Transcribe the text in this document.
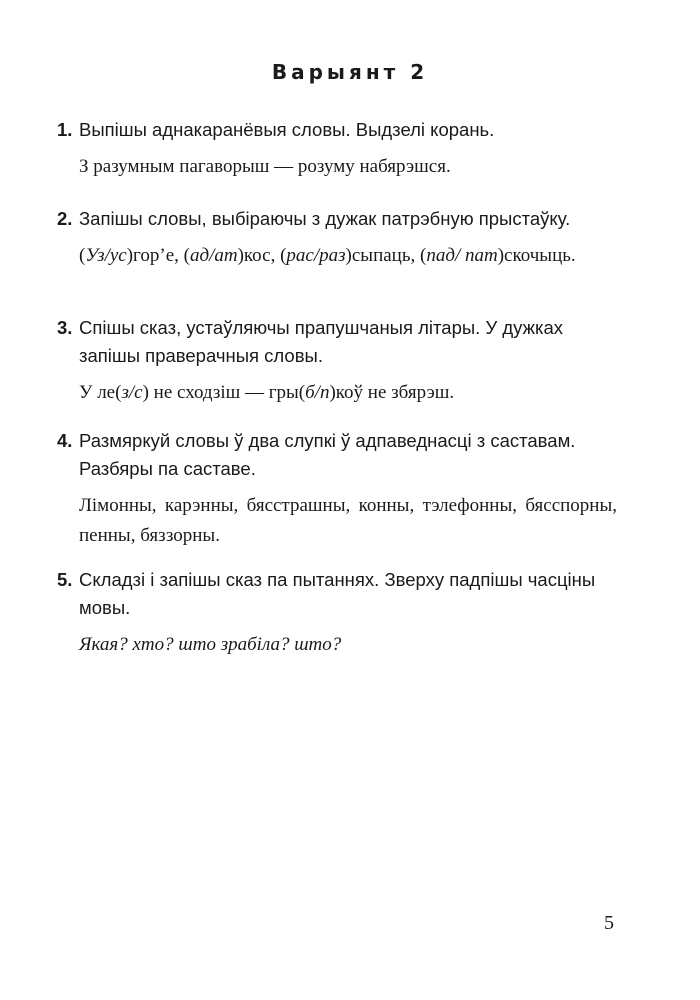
Варыянт 2
1. Выпішы аднакаранёвыя словы. Выдзелі корань.
З разумным пагаворыш — розуму набярэшся.
2. Запішы словы, выбіраючы з дужак патрэбную прыстаўку.
(Уз/ус)гор’е, (ад/ат)кос, (рас/раз)сыпаць, (пад/ пат)скочыць.
3. Спішы сказ, устаўляючы прапушчаныя літары. У дужках запішы праверачныя словы.
У ле(з/с) не сходзіш — гры(б/п)коў не збярэш.
4. Размяркуй словы ў два слупкі ў адпаведнасці з саставам. Разбяры па саставе.
Лімонны, карэнны, бясстрашны, конны, тэлефонны, бясспорны, пенны, бяззорны.
5. Складзі і запішы сказ па пытаннях. Зверху падпішы часціны мовы.
Якая? хто? што зрабіла? што?
5
